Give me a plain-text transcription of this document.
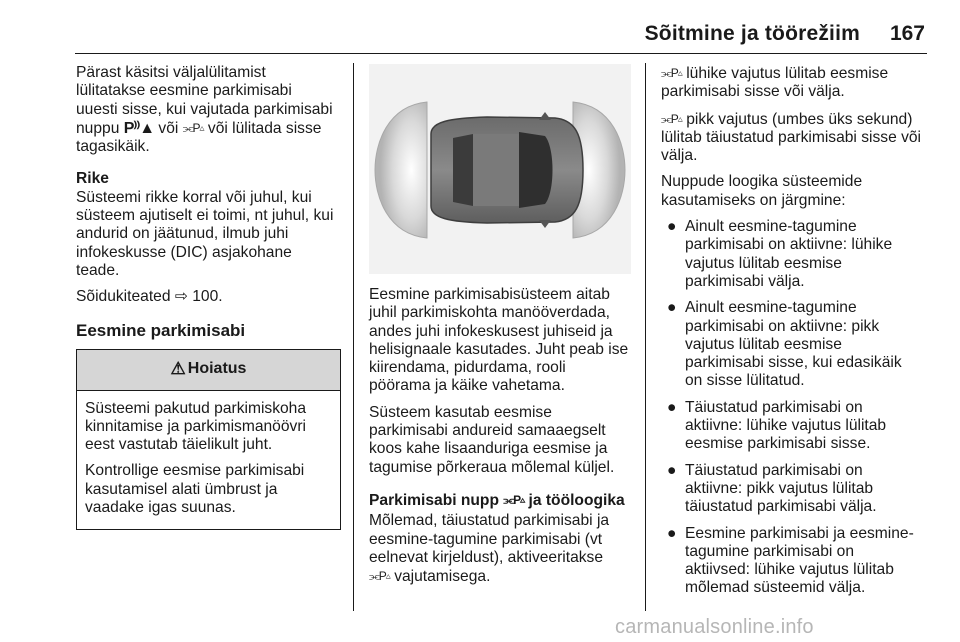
Sõitmine ja töörežiim	167

Pärast käsitsi väljalülitamist
lülitatakse eesmine parkimisabi
uuesti sisse, kui vajutada parkimisabi
nuppu P⁾⁾▲ või ⫘P▵ või lülitada sisse
tagasikäik.

Rike
Süsteemi rikke korral või juhul, kui
süsteem ajutiselt ei toimi, nt juhul, kui
andurid on jäätunud, ilmub juhi
infokeskusse (DIC) asjakohane
teade.

Sõidukiteated ⇨ 100.

Eesmine parkimisabi
⚠ Hoiatus

Süsteemi pakutud parkimiskoha
kinnitamise ja parkimismanöövri
eest vastutab täielikult juht.

Kontrollige eesmise parkimisabi
kasutamisel alati ümbrust ja
vaadake igas suunas.

Eesmine parkimisabisüsteem aitab
juhil parkimiskohta manööverdada,
andes juhi infokeskusest juhiseid ja
helisignaale kasutades. Juht peab ise
kiirendama, pidurdama, rooli
pöörama ja käike vahetama.

Süsteem kasutab eesmise
parkimisabi andureid samaaegselt
koos kahe lisaanduriga eesmise ja
tagumise põrkeraua mõlemal küljel.

Parkimisabi nupp ⫘P▵ ja tööloogika

Mõlemad, täiustatud parkimisabi ja
eesmine-tagumine parkimisabi (vt
eelnevat kirjeldust), aktiveeritakse
⫘P▵ vajutamisega.

⫘P▵ lühike vajutus lülitab eesmise
parkimisabi sisse või välja.

⫘P▵ pikk vajutus (umbes üks sekund)
lülitab täiustatud parkimisabi sisse või
välja.

Nuppude loogika süsteemide
kasutamiseks on järgmine:

● Ainult eesmine-tagumine
parkimisabi on aktiivne: lühike
vajutus lülitab eesmise
parkimisabi välja.
● Ainult eesmine-tagumine
parkimisabi on aktiivne: pikk
vajutus lülitab eesmise
parkimisabi sisse, kui edasikäik
on sisse lülitatud.
● Täiustatud parkimisabi on
aktiivne: lühike vajutus lülitab
eesmise parkimisabi sisse.
● Täiustatud parkimisabi on
aktiivne: pikk vajutus lülitab
täiustatud parkimisabi välja.
● Eesmine parkimisabi ja eesmine-
tagumine parkimisabi on
aktiivsed: lühike vajutus lülitab
mõlemad süsteemid välja.
carmanualsonline.info
